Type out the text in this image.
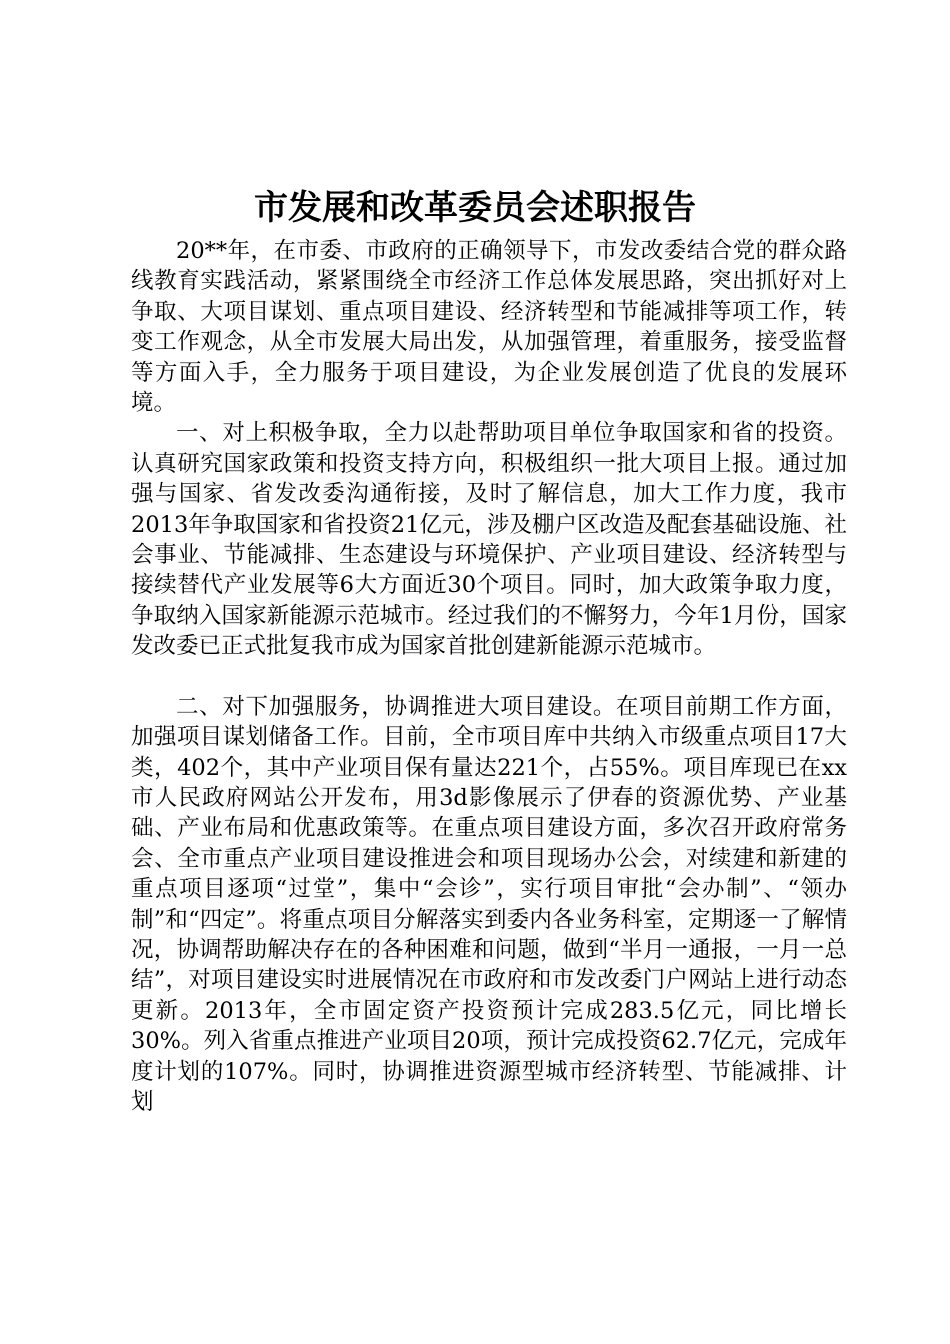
市发展和改革委员会述职报告

20**年，在市委、市政府的正确领导下，市发改委结合党的群众路线教育实践活动，紧紧围绕全市经济工作总体发展思路，突出抓好对上争取、大项目谋划、重点项目建设、经济转型和节能减排等项工作，转变工作观念，从全市发展大局出发，从加强管理，着重服务，接受监督等方面入手，全力服务于项目建设，为企业发展创造了优良的发展环境。

一、对上积极争取，全力以赴帮助项目单位争取国家和省的投资。认真研究国家政策和投资支持方向，积极组织一批大项目上报。通过加强与国家、省发改委沟通衔接，及时了解信息，加大工作力度，我市2013年争取国家和省投资21亿元，涉及棚户区改造及配套基础设施、社会事业、节能减排、生态建设与环境保护、产业项目建设、经济转型与接续替代产业发展等6大方面近30个项目。同时，加大政策争取力度，争取纳入国家新能源示范城市。经过我们的不懈努力，今年1月份，国家发改委已正式批复我市成为国家首批创建新能源示范城市。

二、对下加强服务，协调推进大项目建设。在项目前期工作方面，加强项目谋划储备工作。目前，全市项目库中共纳入市级重点项目17大类，402个，其中产业项目保有量达221个，占55%。项目库现已在xx市人民政府网站公开发布，用3d影像展示了伊春的资源优势、产业基础、产业布局和优惠政策等。在重点项目建设方面，多次召开政府常务会、全市重点产业项目建设推进会和项目现场办公会，对续建和新建的重点项目逐项“过堂”，集中“会诊”，实行项目审批“会办制”、“领办制”和“四定”。将重点项目分解落实到委内各业务科室，定期逐一了解情况，协调帮助解决存在的各种困难和问题，做到“半月一通报，一月一总结”，对项目建设实时进展情况在市政府和市发改委门户网站上进行动态更新。2013年，全市固定资产投资预计完成283.5亿元，同比增长30%。列入省重点推进产业项目20项，预计完成投资62.7亿元，完成年度计划的107%。同时，协调推进资源型城市经济转型、节能减排、计划
